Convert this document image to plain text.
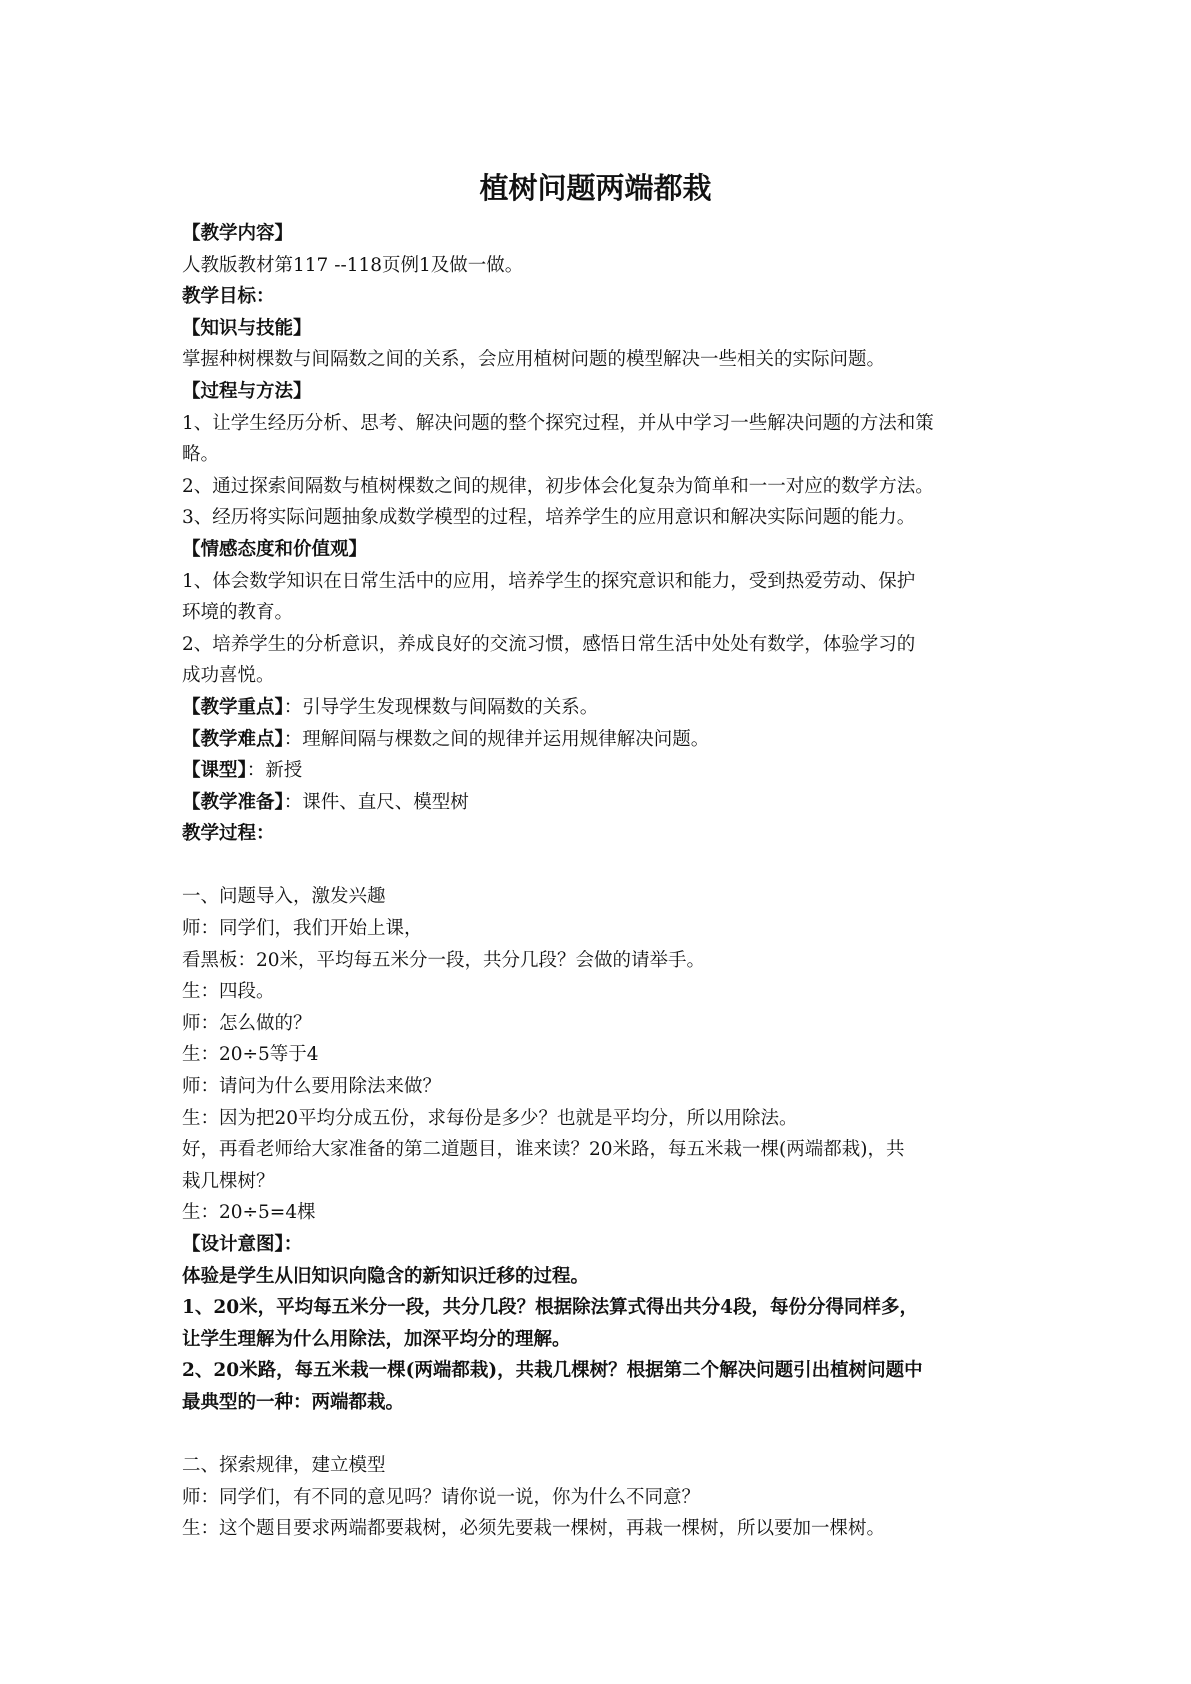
植树问题两端都栽
【教学内容】
人教版教材第117 --118页例1及做一做。
教学目标：
【知识与技能】
掌握种树棵数与间隔数之间的关系，会应用植树问题的模型解决一些相关的实际问题。
【过程与方法】
1、让学生经历分析、思考、解决问题的整个探究过程，并从中学习一些解决问题的方法和策
略。
2、通过探索间隔数与植树棵数之间的规律，初步体会化复杂为简单和一一对应的数学方法。
3、经历将实际问题抽象成数学模型的过程，培养学生的应用意识和解决实际问题的能力。
【情感态度和价值观】
1、体会数学知识在日常生活中的应用，培养学生的探究意识和能力，受到热爱劳动、保护
环境的教育。
2、培养学生的分析意识，养成良好的交流习惯，感悟日常生活中处处有数学，体验学习的
成功喜悦。
【教学重点】：引导学生发现棵数与间隔数的关系。
【教学难点】：理解间隔与棵数之间的规律并运用规律解决问题。
【课型】：新授
【教学准备】：课件、直尺、模型树
教学过程：
一、问题导入，激发兴趣
师：同学们，我们开始上课，
看黑板：20米，平均每五米分一段，共分几段？会做的请举手。
生：四段。
师：怎么做的？
生：20÷5等于4
师：请问为什么要用除法来做？
生：因为把20平均分成五份，求每份是多少？也就是平均分，所以用除法。
好，再看老师给大家准备的第二道题目，谁来读？20米路，每五米栽一棵(两端都栽)，共
栽几棵树？
生：20÷5=4棵
【设计意图】：
体验是学生从旧知识向隐含的新知识迁移的过程。
1、20米，平均每五米分一段，共分几段？根据除法算式得出共分4段，每份分得同样多，
让学生理解为什么用除法，加深平均分的理解。
2、20米路，每五米栽一棵(两端都栽)，共栽几棵树？根据第二个解决问题引出植树问题中
最典型的一种：两端都栽。
二、探索规律，建立模型
师：同学们，有不同的意见吗？请你说一说，你为什么不同意？
生：这个题目要求两端都要栽树，必须先要栽一棵树，再栽一棵树，所以要加一棵树。
